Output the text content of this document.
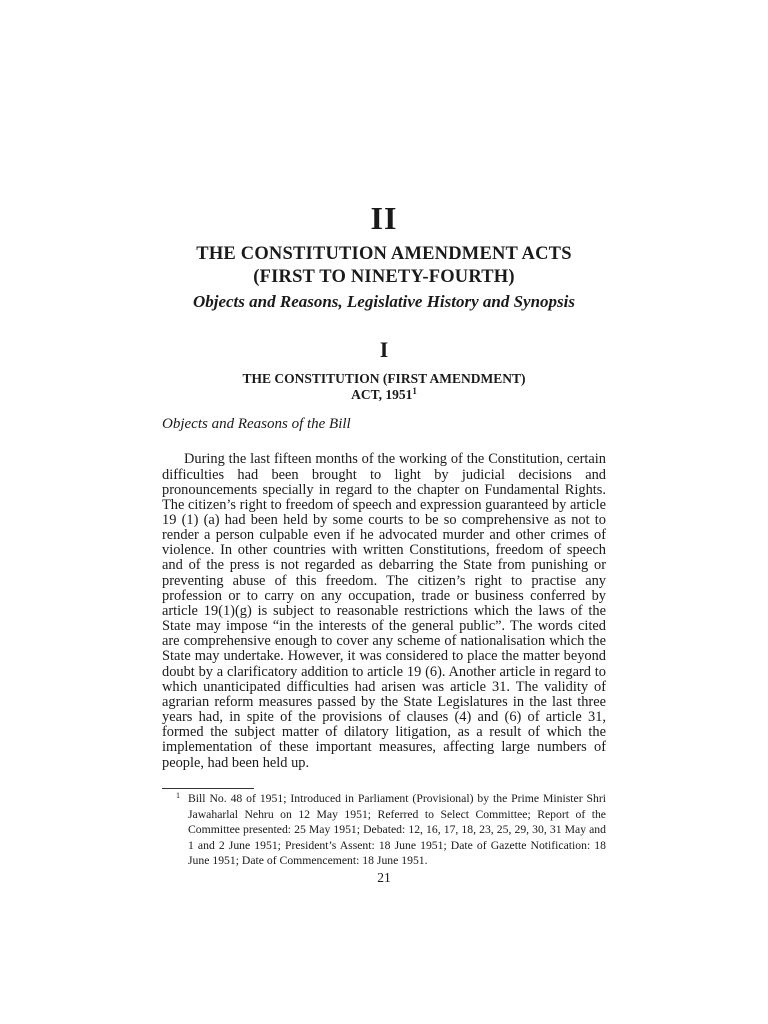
II
THE CONSTITUTION AMENDMENT ACTS
(FIRST TO NINETY-FOURTH)
Objects and Reasons, Legislative History and Synopsis
I
THE CONSTITUTION (FIRST AMENDMENT)
ACT, 1951$^1$
Objects and Reasons of the Bill

During the last fifteen months of the working of the Constitution, certain difficulties had been brought to light by judicial decisions and pronouncements specially in regard to the chapter on Fundamental Rights. The citizen’s right to freedom of speech and expression guaranteed by article 19 (1) (a) had been held by some courts to be so comprehensive as not to render a person culpable even if he advocated murder and other crimes of violence. In other countries with written Constitutions, freedom of speech and of the press is not regarded as debarring the State from punishing or preventing abuse of this freedom. The citizen’s right to practise any profession or to carry on any occupation, trade or business conferred by article 19(1)(g) is subject to reasonable restrictions which the laws of the State may impose “in the interests of the general public”. The words cited are comprehensive enough to cover any scheme of nationalisation which the State may undertake. However, it was considered to place the matter beyond doubt by a clarificatory addition to article 19 (6). Another article in regard to which unanticipated difficulties had arisen was article 31. The validity of agrarian reform measures passed by the State Legislatures in the last three years had, in spite of the provisions of clauses (4) and (6) of article 31, formed the subject matter of dilatory litigation, as a result of which the implementation of these important measures, affecting large numbers of people, had been held up.

1 Bill No. 48 of 1951; Introduced in Parliament (Provisional) by the Prime Minister Shri Jawaharlal Nehru on 12 May 1951; Referred to Select Committee; Report of the Committee presented: 25 May 1951; Debated: 12, 16, 17, 18, 23, 25, 29, 30, 31 May and 1 and 2 June 1951; President’s Assent: 18 June 1951; Date of Gazette Notification: 18 June 1951; Date of Commencement: 18 June 1951.
21
